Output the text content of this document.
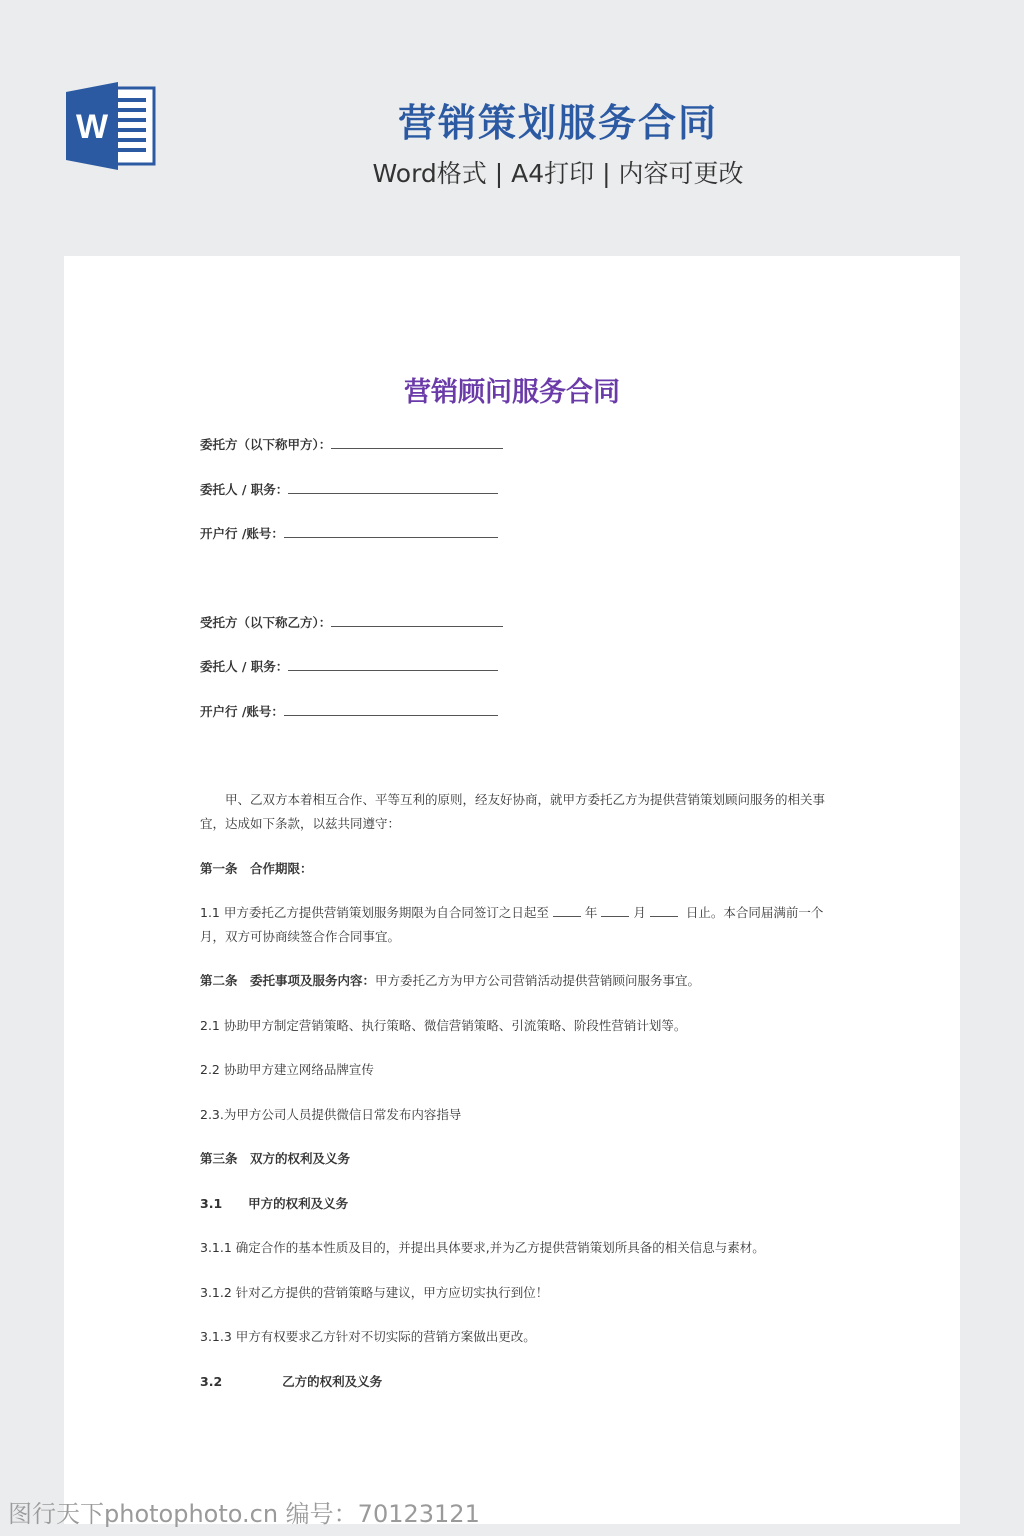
W	营销策划服务合同
Word格式 | A4打印 | 内容可更改
营销顾问服务合同
委托方（以下称甲方）：
委托人 / 职务：
开户行 /账号：
受托方（以下称乙方）：
委托人 / 职务：
开户行 /账号：
甲、乙双方本着相互合作、平等互利的原则，经友好协商，就甲方委托乙方为提供营销策划顾问服务的相关事宜，达成如下条款，以兹共同遵守：
第一条　合作期限：
1.1 甲方委托乙方提供营销策划服务期限为自合同签订之日起至	年	月	日止。本合同届满前一个月，双方可协商续签合作合同事宜。
第二条　委托事项及服务内容：甲方委托乙方为甲方公司营销活动提供营销顾问服务事宜。
2.1 协助甲方制定营销策略、执行策略、微信营销策略、引流策略、阶段性营销计划等。
2.2 协助甲方建立网络品牌宣传
2.3.为甲方公司人员提供微信日常发布内容指导
第三条　双方的权利及义务
3.1 甲方的权利及义务
3.1.1 确定合作的基本性质及目的，并提出具体要求,并为乙方提供营销策划所具备的相关信息与素材。
3.1.2 针对乙方提供的营销策略与建议，甲方应切实执行到位！
3.1.3 甲方有权要求乙方针对不切实际的营销方案做出更改。
3.2	乙方的权利及义务
图行天下photophoto.cn 编号：70123121
